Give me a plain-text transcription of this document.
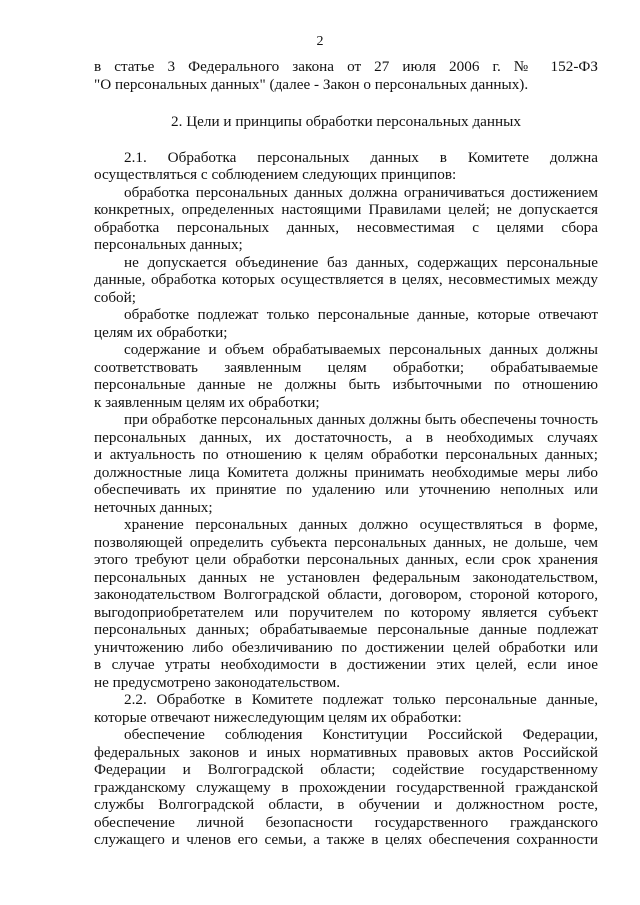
2
в статье 3 Федерального закона от 27 июля 2006 г. № 152-ФЗ
"О персональных данных" (далее - Закон о персональных данных).
2. Цели и принципы обработки персональных данных
2.1. Обработка персональных данных в Комитете должна
осуществляться с соблюдением следующих принципов:
обработка персональных данных должна ограничиваться достижением
конкретных, определенных настоящими Правилами целей; не допускается
обработка персональных данных, несовместимая с целями сбора
персональных данных;
не допускается объединение баз данных, содержащих персональные
данные, обработка которых осуществляется в целях, несовместимых между
собой;
обработке подлежат только персональные данные, которые отвечают
целям их обработки;
содержание и объем обрабатываемых персональных данных должны
соответствовать заявленным целям обработки; обрабатываемые
персональные данные не должны быть избыточными по отношению
к заявленным целям их обработки;
при обработке персональных данных должны быть обеспечены точность
персональных данных, их достаточность, а в необходимых случаях
и актуальность по отношению к целям обработки персональных данных;
должностные лица Комитета должны принимать необходимые меры либо
обеспечивать их принятие по удалению или уточнению неполных или
неточных данных;
хранение персональных данных должно осуществляться в форме,
позволяющей определить субъекта персональных данных, не дольше, чем
этого требуют цели обработки персональных данных, если срок хранения
персональных данных не установлен федеральным законодательством,
законодательством Волгоградской области, договором, стороной которого,
выгодоприобретателем или поручителем по которому является субъект
персональных данных; обрабатываемые персональные данные подлежат
уничтожению либо обезличиванию по достижении целей обработки или
в случае утраты необходимости в достижении этих целей, если иное
не предусмотрено законодательством.
2.2. Обработке в Комитете подлежат только персональные данные,
которые отвечают нижеследующим целям их обработки:
обеспечение соблюдения Конституции Российской Федерации,
федеральных законов и иных нормативных правовых актов Российской
Федерации и Волгоградской области; содействие государственному
гражданскому служащему в прохождении государственной гражданской
службы Волгоградской области, в обучении и должностном росте,
обеспечение личной безопасности государственного гражданского
служащего и членов его семьи, а также в целях обеспечения сохранности
